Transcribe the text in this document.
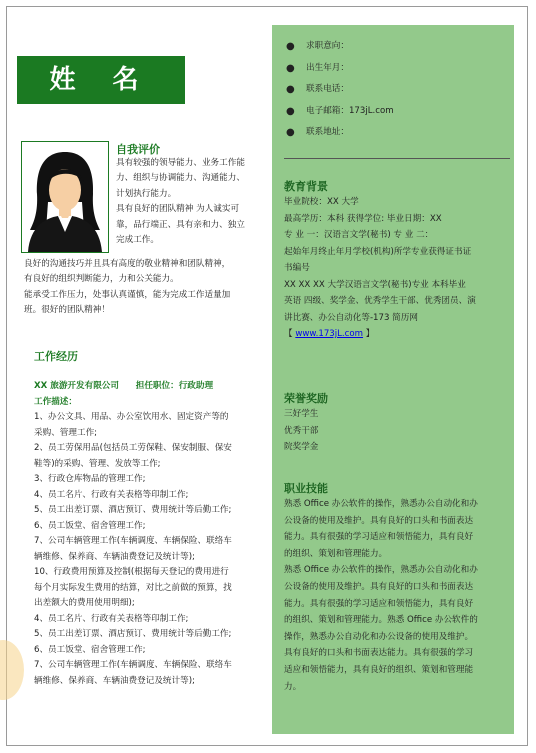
姓 名
自我评价
具有较强的领导能力、业务工作能
力、组织与协调能力、沟通能力、
计划执行能力。
具有良好的团队精神 为人诚实可
靠，品行端正、具有亲和力、独立
完成工作。
良好的沟通技巧并且具有高度的敬业精神和团队精神，
有良好的组织判断能力，力和公关能力。
能承受工作压力，处事认真谨慎，能为完成工作适量加
班。很好的团队精神！
工作经历
XX 旅游开发有限公司 担任职位：行政助理
工作描述：
1、办公文具、用品、办公室饮用水、固定资产等的
采购、管理工作;
2、员工劳保用品(包括员工劳保鞋、保安制服、保安
鞋等)的采购、管理、发放等工作;
3、行政仓库物品的管理工作;
4、员工名片、行政有关表格等印制工作;
5、员工出差订票、酒店预订、费用统计等后勤工作;
6、员工饭堂、宿舍管理工作;
7、公司车辆管理工作(车辆调度、车辆保险、联络车
辆维修、保养商、车辆油费登记及统计等);
10、行政费用预算及控制(根据每天登记的费用进行
每个月实际发生费用的结算，对比之前做的预算，找
出差额大的费用使用明细);
4、员工名片、行政有关表格等印制工作;
5、员工出差订票、酒店预订、费用统计等后勤工作;
6、员工饭堂、宿舍管理工作;
7、公司车辆管理工作(车辆调度、车辆保险、联络车
辆维修、保养商、车辆油费登记及统计等);
●	求职意向：
●	出生年月：
●	联系电话：
●	电子邮箱：173jL.com
●	联系地址：
教育背景
毕业院校：XX 大学
最高学历：本科 获得学位: 毕业日期：XX
专 业 一：汉语言文学(秘书) 专 业 二：
起始年月终止年月学校(机构)所学专业获得证书证
书编号
XX XX XX 大学汉语言文学(秘书)专业 本科毕业
英语 四级、奖学金、优秀学生干部、优秀团员、演
讲比赛、办公自动化等-173 简历网
【 www.173jL.com 】
荣誉奖励
三好学生
优秀干部
院奖学金
职业技能
熟悉 Office 办公软件的操作，熟悉办公自动化和办
公设备的使用及维护。具有良好的口头和书面表达
能力。具有很强的学习适应和领悟能力，具有良好
的组织、策划和管理能力。
熟悉 Office 办公软件的操作，熟悉办公自动化和办
公设备的使用及维护。具有良好的口头和书面表达
能力。具有很强的学习适应和领悟能力，具有良好
的组织、策划和管理能力。熟悉 Office 办公软件的
操作，熟悉办公自动化和办公设备的使用及维护。
具有良好的口头和书面表达能力。具有很强的学习
适应和领悟能力，具有良好的组织、策划和管理能
力。
